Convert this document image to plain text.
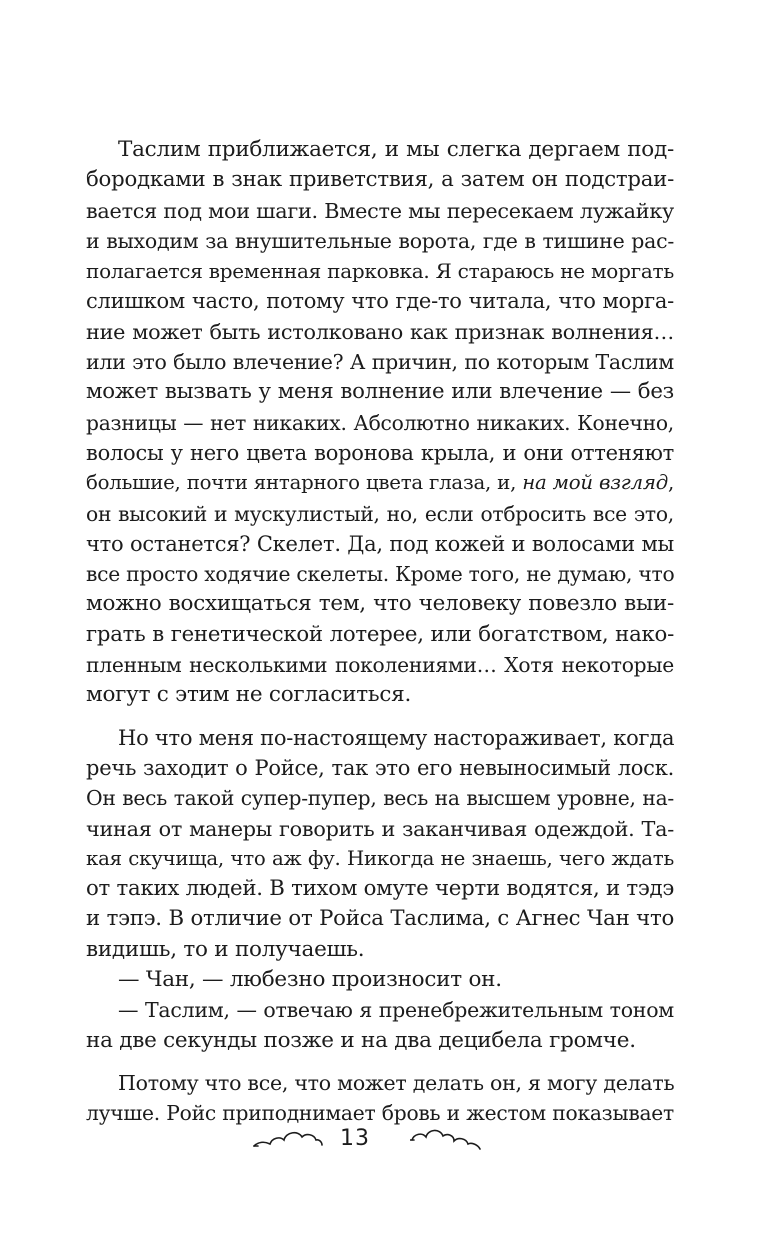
Таслим приближается, и мы слегка дергаем под-
бородками в знак приветствия, а затем он подстраи-
вается под мои шаги. Вместе мы пересекаем лужайку
и выходим за внушительные ворота, где в тишине рас-
полагается временная парковка. Я стараюсь не моргать
слишком часто, потому что где-то читала, что морга-
ние может быть истолковано как признак волнения…
или это было влечение? А причин, по которым Таслим
может вызвать у меня волнение или влечение — без
разницы — нет никаких. Абсолютно никаких. Конечно,
волосы у него цвета воронова крыла, и они оттеняют
большие, почти янтарного цвета глаза, и, на мой взгляд,
он высокий и мускулистый, но, если отбросить все это,
что останется? Скелет. Да, под кожей и волосами мы
все просто ходячие скелеты. Кроме того, не думаю, что
можно восхищаться тем, что человеку повезло выи-
грать в генетической лотерее, или богатством, нако-
пленным несколькими поколениями… Хотя некоторые
могут с этим не согласиться.
Но что меня по-настоящему настораживает, когда
речь заходит о Ройсе, так это его невыносимый лоск.
Он весь такой супер-пупер, весь на высшем уровне, на-
чиная от манеры говорить и заканчивая одеждой. Та-
кая скучища, что аж фу. Никогда не знаешь, чего ждать
от таких людей. В тихом омуте черти водятся, и тэдэ
и тэпэ. В отличие от Ройса Таслима, с Агнес Чан что
видишь, то и получаешь.
— Чан, — любезно произносит он.
— Таслим, — отвечаю я пренебрежительным тоном
на две секунды позже и на два децибела громче.
Потому что все, что может делать он, я могу делать
лучше. Ройс приподнимает бровь и жестом показывает
13
